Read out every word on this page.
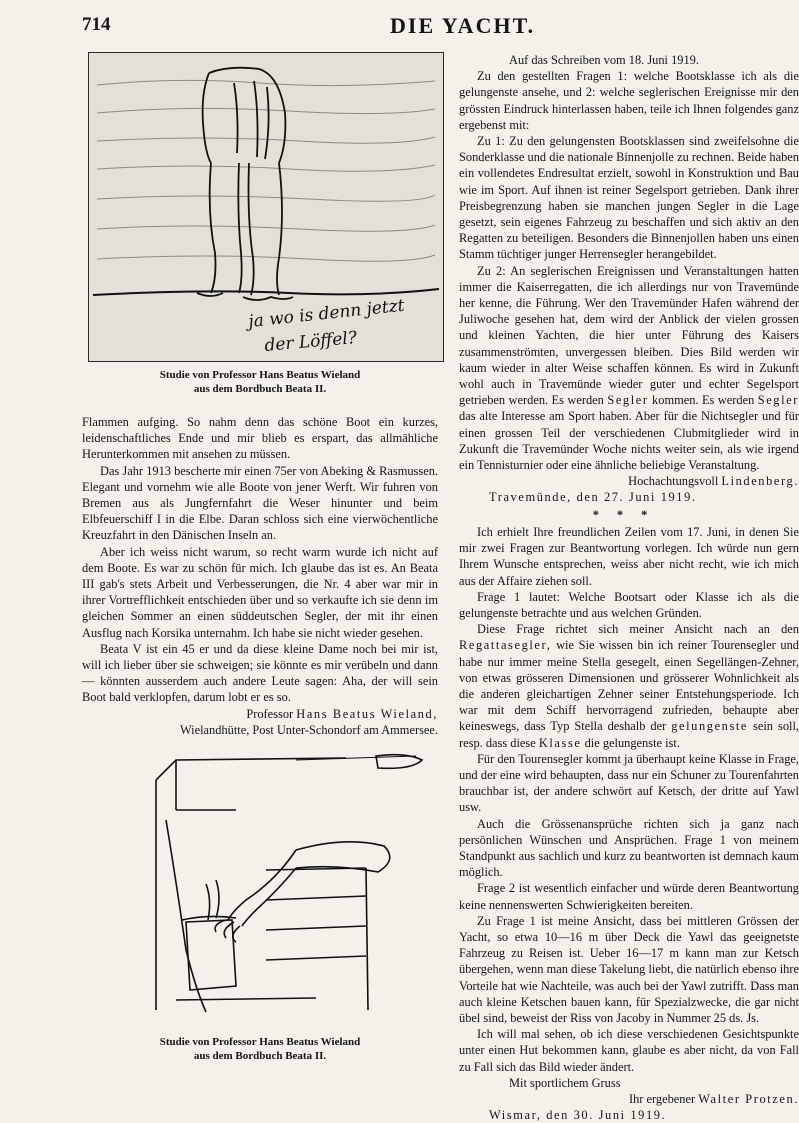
714	DIE YACHT.
ja wo is denn jetzt
der Löffel?
Studie von Professor Hans Beatus Wieland
aus dem Bordbuch Beata II.

Flammen aufging. So nahm denn das schöne Boot ein kurzes, leidenschaftliches Ende und mir blieb es erspart, das allmähliche Herunterkommen mit ansehen zu müssen.

Das Jahr 1913 bescherte mir einen 75er von Abeking & Rasmussen. Elegant und vornehm wie alle Boote von jener Werft. Wir fuhren von Bremen aus als Jungfernfahrt die Weser hinunter und beim Elbfeuerschiff I in die Elbe. Daran schloss sich eine vierwöchentliche Kreuzfahrt in den Dänischen Inseln an.

Aber ich weiss nicht warum, so recht warm wurde ich nicht auf dem Boote. Es war zu schön für mich. Ich glaube das ist es. An Beata III gab's stets Arbeit und Verbesserungen, die Nr. 4 aber war mir in ihrer Vortrefflichkeit entschieden über und so verkaufte ich sie denn im gleichen Sommer an einen süddeutschen Segler, der mit ihr einen Ausflug nach Korsika unternahm. Ich habe sie nicht wieder gesehen.

Beata V ist ein 45 er und da diese kleine Dame noch bei mir ist, will ich lieber über sie schweigen; sie könnte es mir verübeln und dann — könnten ausserdem auch andere Leute sagen: Aha, der will sein Boot bald verklopfen, darum lobt er es so.

Professor Hans Beatus Wieland,

Wielandhütte, Post Unter-Schondorf am Ammersee.

Studie von Professor Hans Beatus Wieland
aus dem Bordbuch Beata II.

Auf das Schreiben vom 18. Juni 1919.

Zu den gestellten Fragen 1: welche Bootsklasse ich als die gelungenste ansehe, und 2: welche seglerischen Ereignisse mir den grössten Eindruck hinterlassen haben, teile ich Ihnen folgendes ganz ergebenst mit:

Zu 1: Zu den gelungensten Bootsklassen sind zweifelsohne die Sonderklasse und die nationale Binnenjolle zu rechnen. Beide haben ein vollendetes Endresultat erzielt, sowohl in Konstruktion und Bau wie im Sport. Auf ihnen ist reiner Segelsport getrieben. Dank ihrer Preisbegrenzung haben sie manchen jungen Segler in die Lage gesetzt, sein eigenes Fahrzeug zu beschaffen und sich aktiv an den Regatten zu beteiligen. Besonders die Binnenjollen haben uns einen Stamm tüchtiger junger Herrensegler herangebildet.

Zu 2: An seglerischen Ereignissen und Veranstaltungen hatten immer die Kaiserregatten, die ich allerdings nur von Travemünde her kenne, die Führung. Wer den Travemünder Hafen während der Juliwoche gesehen hat, dem wird der Anblick der vielen grossen und kleinen Yachten, die hier unter Führung des Kaisers zusammenströmten, unvergessen bleiben. Dies Bild werden wir kaum wieder in alter Weise schaffen können. Es wird in Zukunft wohl auch in Travemünde wieder guter und echter Segelsport getrieben werden. Es werden Segler kommen. Es werden Segler das alte Interesse am Sport haben. Aber für die Nichtsegler und für einen grossen Teil der verschiedenen Clubmitglieder wird in Zukunft die Travemünder Woche nichts weiter sein, als wie irgend ein Tennisturnier oder eine ähnliche beliebige Veranstaltung.

Hochachtungsvoll Lindenberg.

Travemünde, den 27. Juni 1919.

***

Ich erhielt Ihre freundlichen Zeilen vom 17. Juni, in denen Sie mir zwei Fragen zur Beantwortung vorlegen. Ich würde nun gern Ihrem Wunsche entsprechen, weiss aber nicht recht, wie ich mich aus der Affaire ziehen soll.

Frage 1 lautet: Welche Bootsart oder Klasse ich als die gelungenste betrachte und aus welchen Gründen.

Diese Frage richtet sich meiner Ansicht nach an den Regattasegler, wie Sie wissen bin ich reiner Tourensegler und habe nur immer meine Stella gesegelt, einen Segellängen-Zehner, von etwas grösseren Dimensionen und grösserer Wohnlichkeit als die anderen gleichartigen Zehner seiner Entstehungsperiode. Ich war mit dem Schiff hervorragend zufrieden, behaupte aber keineswegs, dass Typ Stella deshalb der gelungenste sein soll, resp. dass diese Klasse die gelungenste ist.

Für den Tourensegler kommt ja überhaupt keine Klasse in Frage, und der eine wird behaupten, dass nur ein Schuner zu Tourenfahrten brauchbar ist, der andere schwört auf Ketsch, der dritte auf Yawl usw.

Auch die Grössenansprüche richten sich ja ganz nach persönlichen Wünschen und Ansprüchen. Frage 1 von meinem Standpunkt aus sachlich und kurz zu beantworten ist demnach kaum möglich.

Frage 2 ist wesentlich einfacher und würde deren Beantwortung keine nennenswerten Schwierigkeiten bereiten.

Zu Frage 1 ist meine Ansicht, dass bei mittleren Grössen der Yacht, so etwa 10—16 m über Deck die Yawl das geeignetste Fahrzeug zu Reisen ist. Ueber 16—17 m kann man zur Ketsch übergehen, wenn man diese Takelung liebt, die natürlich ebenso ihre Vorteile hat wie Nachteile, was auch bei der Yawl zutrifft. Dass man auch kleine Ketschen bauen kann, für Spezialzwecke, die gar nicht übel sind, beweist der Riss von Jacoby in Nummer 25 ds. Js.

Ich will mal sehen, ob ich diese verschiedenen Gesichtspunkte unter einen Hut bekommen kann, glaube es aber nicht, da von Fall zu Fall sich das Bild wieder ändert.

Mit sportlichem Gruss

Ihr ergebener Walter Protzen.

Wismar, den 30. Juni 1919.
